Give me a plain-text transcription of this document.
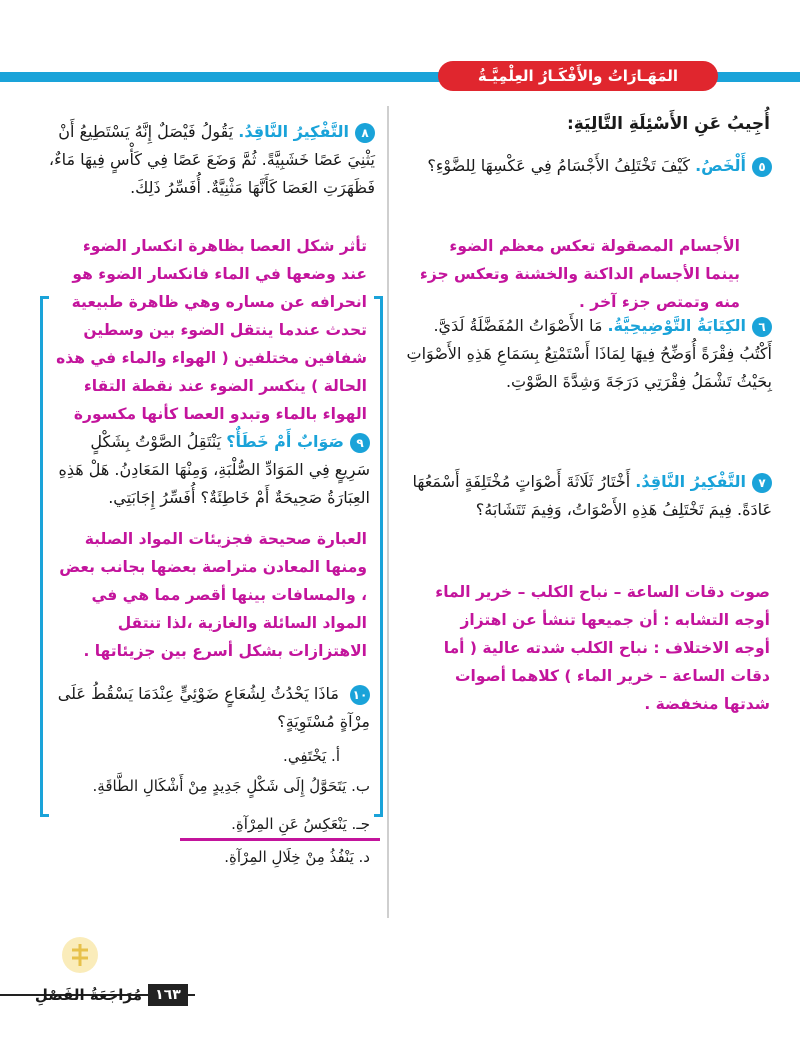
المَهَـارَاتُ والأَفْكَـارُ العِلْمِيَّـةُ
أُجِيبُ عَنِ الأَسْئِلَةِ التَّالِيَةِ:
٥أَلْخَصُ. كَيْفَ تَخْتَلِفُ الأَجْسَامُ فِي عَكْسِهَا لِلضَّوْءِ؟
الأجسام المصقولة تعكس معظم الضوء بينما الأجسام الداكنة والخشنة وتعكس جزء منه وتمتص جزء آخر .
٦الكِتَابَةُ التَّوْضِيحِيَّةُ. مَا الأَصْوَاتُ المُفَضَّلَةُ لَدَيَّ. أَكْتُبُ فِقْرَةً أُوَضِّحُ فِيهَا لِمَاذَا أَسْتَمْتِعُ بِسَمَاعِ هَذِهِ الأَصْوَاتِ بِحَيْثُ تَشْمَلُ فِقْرَتِي دَرَجَةَ وَشِدَّةَ الصَّوْتِ.
٧التَّفْكِيرُ النَّاقِدُ. أَخْتَارُ ثَلَاثَةَ أَصْوَاتٍ مُخْتَلِفَةٍ أَسْمَعُهَا عَادَةً. فِيمَ تَخْتَلِفُ هَذِهِ الأَصْوَاتُ، وَفِيمَ تَتَشَابَهُ؟
صوت دقات الساعة – نباح الكلب – خرير الماء أوجه التشابه : أن جميعها تنشأ عن اهتزاز أوجه الاختلاف : نباح الكلب شدته عالية ( أما دقات الساعة – خرير الماء ) كلاهما أصوات شدتها منخفضة .
٨التَّفْكِيرُ النَّاقِدُ. يَقُولُ فَيْصَلٌ إِنَّهُ يَسْتَطِيعُ أَنْ يَثْنِيَ عَصًا خَشَبِيَّةً. ثُمَّ وَضَعَ عَصًا فِي كَأْسٍ فِيهَا مَاءٌ، فَظَهَرَتِ العَصَا كَأَنَّهَا مَثْنِيَّةٌ. أُفَسِّرُ ذَلِكَ.
تأثر شكل العصا بظاهرة انكسار الضوء عند وضعها في الماء فانكسار الضوء هو انحرافه عن مساره وهي ظاهرة طبيعية تحدث عندما ينتقل الضوء بين وسطين شفافين مختلفين ( الهواء والماء في هذه الحالة ) ينكسر الضوء عند نقطة التقاء الهواء بالماء وتبدو العصا كأنها مكسورة
٩صَوَابٌ أَمْ خَطَأٌ؟ يَنْتَقِلُ الصَّوْتُ بِشَكْلٍ سَرِيعٍ فِي المَوَادِّ الصُّلْبَةِ، وَمِنْهَا المَعَادِنُ. هَلْ هَذِهِ العِبَارَةُ صَحِيحَةٌ أَمْ خَاطِئَةٌ؟ أُفَسِّرُ إِجَابَتِي.
العبارة صحيحة فجزيئات المواد الصلبة ومنها المعادن متراصة بعضها بجانب بعض ، والمسافات بينها أقصر مما هي في المواد السائلة والغازية ،لذا تنتقل الاهتزازات بشكل أسرع بين جزيئاتها .
١٠ مَاذَا يَحْدُثُ لِشُعَاعٍ ضَوْئِيٍّ عِنْدَمَا يَسْقُطُ عَلَى مِرْآةٍ مُسْتَوِيَةٍ؟
أ. يَخْتَفِي.
ب. يَتَحَوَّلُ إِلَى شَكْلٍ جَدِيدٍ مِنْ أَشْكَالِ الطَّاقَةِ.
جـ. يَنْعَكِسُ عَنِ المِرْآةِ.
د. يَنْفُذُ مِنْ خِلَالِ المِرْآةِ.
١٦٣
مُرَاجَعَةُ الفَصْلِ
